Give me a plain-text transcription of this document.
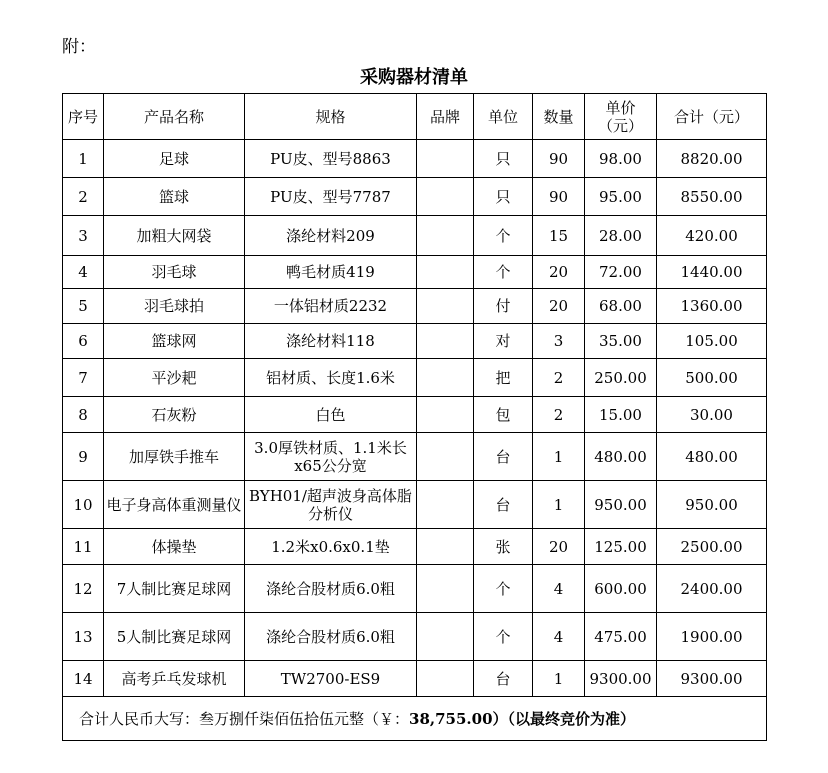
附：
采购器材清单
序号	产品名称	规格	品牌	单位	数量	单价（元）	合计（元）
1	足球	PU皮、型号8863		只	90	98.00	8820.00
2	篮球	PU皮、型号7787		只	90	95.00	8550.00
3	加粗大网袋	涤纶材料209		个	15	28.00	420.00
4	羽毛球	鸭毛材质419		个	20	72.00	1440.00
5	羽毛球拍	一体铝材质2232		付	20	68.00	1360.00
6	篮球网	涤纶材料118		对	3	35.00	105.00
7	平沙耙	铝材质、长度1.6米		把	2	250.00	500.00
8	石灰粉	白色		包	2	15.00	30.00
9	加厚铁手推车	3.0厚铁材质、1.1米长x65公分宽		台	1	480.00	480.00
10	电子身高体重测量仪	BYH01/超声波身高体脂分析仪		台	1	950.00	950.00
11	体操垫	1.2米x0.6x0.1垫		张	20	125.00	2500.00
12	7人制比赛足球网	涤纶合股材质6.0粗		个	4	600.00	2400.00
13	5人制比赛足球网	涤纶合股材质6.0粗		个	4	475.00	1900.00
14	高考乒乓发球机	TW2700-ES9		台	1	9300.00	9300.00
合计人民币大写：叁万捌仟柒佰伍拾伍元整（￥：38,755.00）（以最终竞价为准）							
